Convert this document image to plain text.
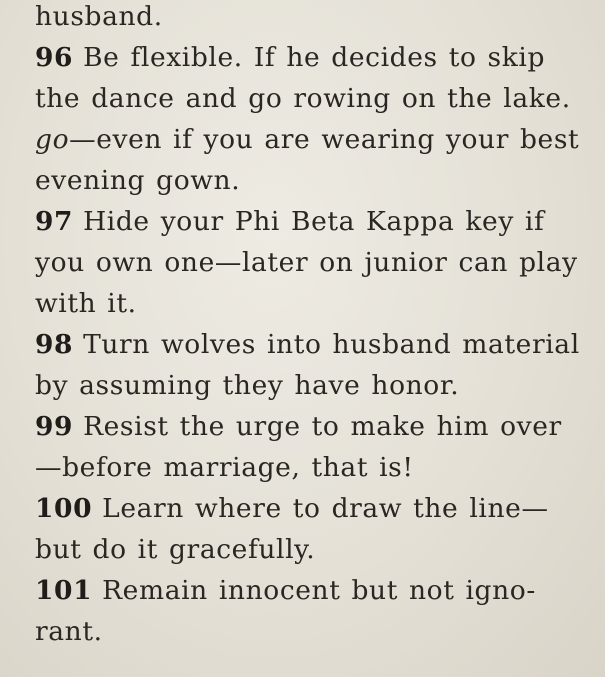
husband.
96 Be flexible. If he decides to skip
the dance and go rowing on the lake.
go—even if you are wearing your best
evening gown.
97 Hide your Phi Beta Kappa key if
you own one—later on junior can play
with it.
98 Turn wolves into husband material
by assuming they have honor.
99 Resist the urge to make him over
—before marriage, that is!
100 Learn where to draw the line—
but do it gracefully.
101 Remain innocent but not igno-
rant.
